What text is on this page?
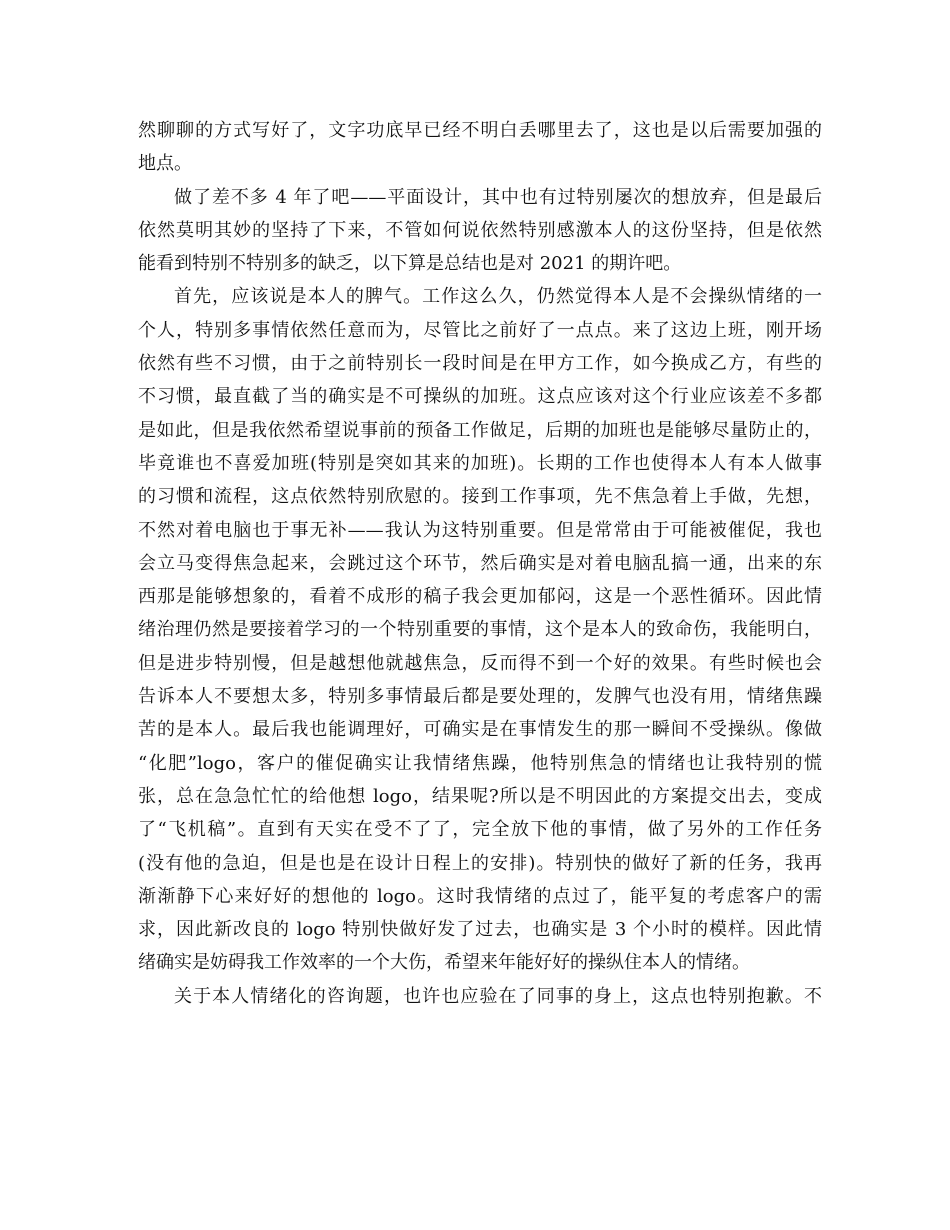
然聊聊的方式写好了，文字功底早已经不明白丢哪里去了，这也是以后需要加强的
地点。
做了差不多 4 年了吧——平面设计，其中也有过特别屡次的想放弃，但是最后
依然莫明其妙的坚持了下来，不管如何说依然特别感激本人的这份坚持，但是依然
能看到特别不特别多的缺乏，以下算是总结也是对 2021 的期许吧。
首先，应该说是本人的脾气。工作这么久，仍然觉得本人是不会操纵情绪的一
个人，特别多事情依然任意而为，尽管比之前好了一点点。来了这边上班，刚开场
依然有些不习惯，由于之前特别长一段时间是在甲方工作，如今换成乙方，有些的
不习惯，最直截了当的确实是不可操纵的加班。这点应该对这个行业应该差不多都
是如此，但是我依然希望说事前的预备工作做足，后期的加班也是能够尽量防止的，
毕竟谁也不喜爱加班(特别是突如其来的加班)。长期的工作也使得本人有本人做事
的习惯和流程，这点依然特别欣慰的。接到工作事项，先不焦急着上手做，先想，
不然对着电脑也于事无补——我认为这特别重要。但是常常由于可能被催促，我也
会立马变得焦急起来，会跳过这个环节，然后确实是对着电脑乱搞一通，出来的东
西那是能够想象的，看着不成形的稿子我会更加郁闷，这是一个恶性循环。因此情
绪治理仍然是要接着学习的一个特别重要的事情，这个是本人的致命伤，我能明白，
但是进步特别慢，但是越想他就越焦急，反而得不到一个好的效果。有些时候也会
告诉本人不要想太多，特别多事情最后都是要处理的，发脾气也没有用，情绪焦躁
苦的是本人。最后我也能调理好，可确实是在事情发生的那一瞬间不受操纵。像做
“化肥”logo，客户的催促确实让我情绪焦躁，他特别焦急的情绪也让我特别的慌
张，总在急急忙忙的给他想 logo，结果呢?所以是不明因此的方案提交出去，变成
了“飞机稿”。直到有天实在受不了了，完全放下他的事情，做了另外的工作任务
(没有他的急迫，但是也是在设计日程上的安排)。特别快的做好了新的任务，我再
渐渐静下心来好好的想他的 logo。这时我情绪的点过了，能平复的考虑客户的需
求，因此新改良的 logo 特别快做好发了过去，也确实是 3 个小时的模样。因此情
绪确实是妨碍我工作效率的一个大伤，希望来年能好好的操纵住本人的情绪。
关于本人情绪化的咨询题，也许也应验在了同事的身上，这点也特别抱歉。不
